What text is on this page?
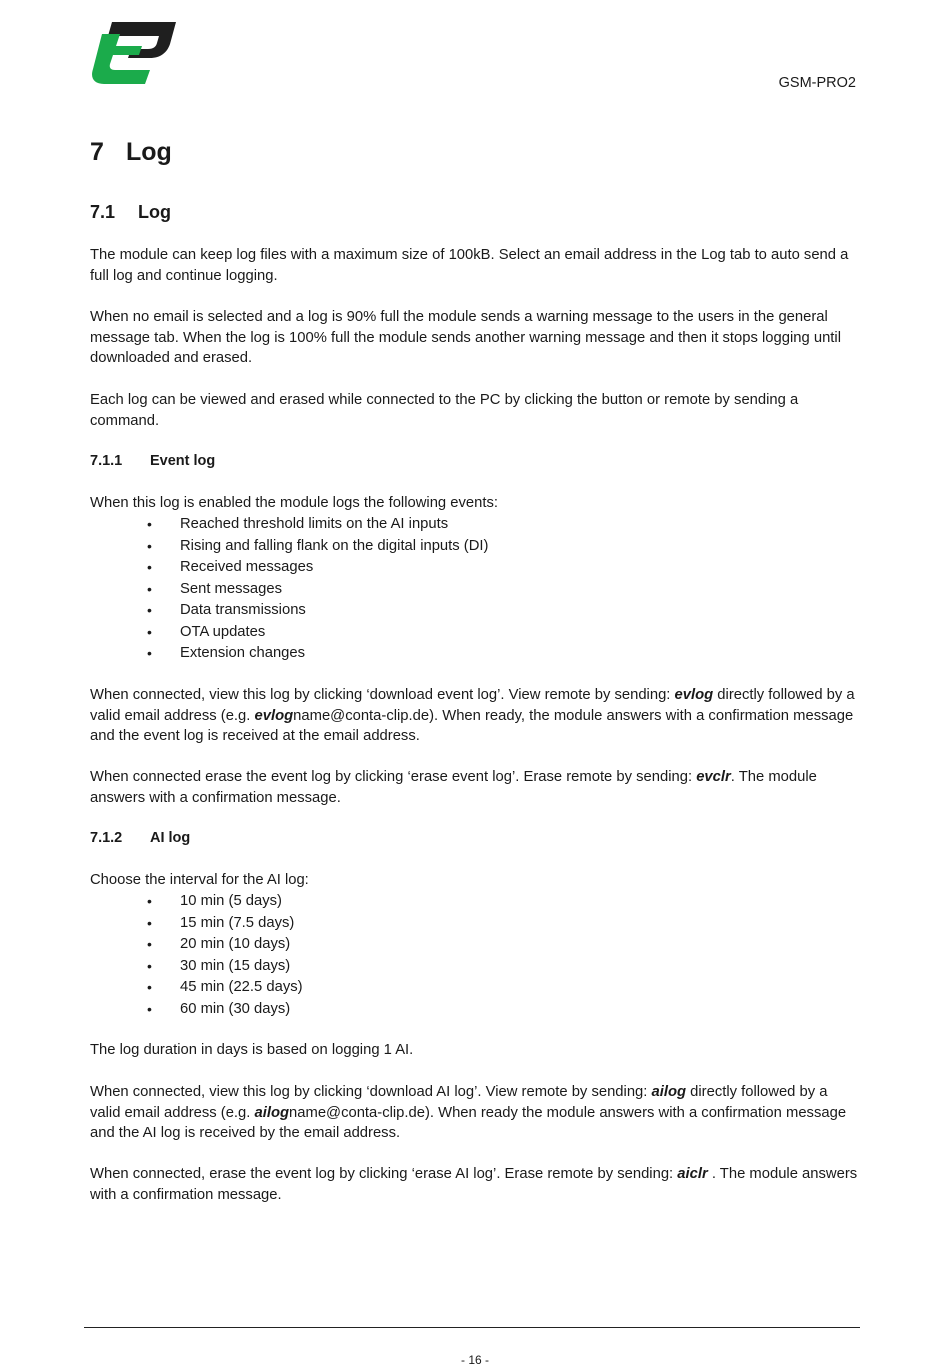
GSM-PRO2
7 Log
7.1 Log
The module can keep log files with a maximum size of 100kB. Select an email address in the Log tab to auto send a full log and continue logging.
When no email is selected and a log is 90% full the module sends a warning message to the users in the general message tab. When the log is 100% full the module sends another warning message and then it stops logging until downloaded and erased.
Each log can be viewed and erased while connected to the PC by clicking the button or remote by sending a command.
7.1.1 Event log
When this log is enabled the module logs the following events:
• Reached threshold limits on the AI inputs
• Rising and falling flank on the digital inputs (DI)
• Received messages
• Sent messages
• Data transmissions
• OTA updates
• Extension changes
When connected, view this log by clicking ‘download event log’. View remote by sending: evlog directly followed by a valid email address (e.g. evlogname@conta-clip.de). When ready, the module answers with a confirmation message and the event log is received at the email address.
When connected erase the event log by clicking ‘erase event log’. Erase remote by sending: evclr. The module answers with a confirmation message.
7.1.2 AI log
Choose the interval for the AI log:
• 10 min (5 days)
• 15 min (7.5 days)
• 20 min (10 days)
• 30 min (15 days)
• 45 min (22.5 days)
• 60 min (30 days)
The log duration in days is based on logging 1 AI.
When connected, view this log by clicking ‘download AI log’. View remote by sending: ailog directly followed by a valid email address (e.g. ailogname@conta-clip.de). When ready the module answers with a confirmation message and the AI log is received by the email address.
When connected, erase the event log by clicking ‘erase AI log’. Erase remote by sending: aiclr . The module answers with a confirmation message.
- 16 -
